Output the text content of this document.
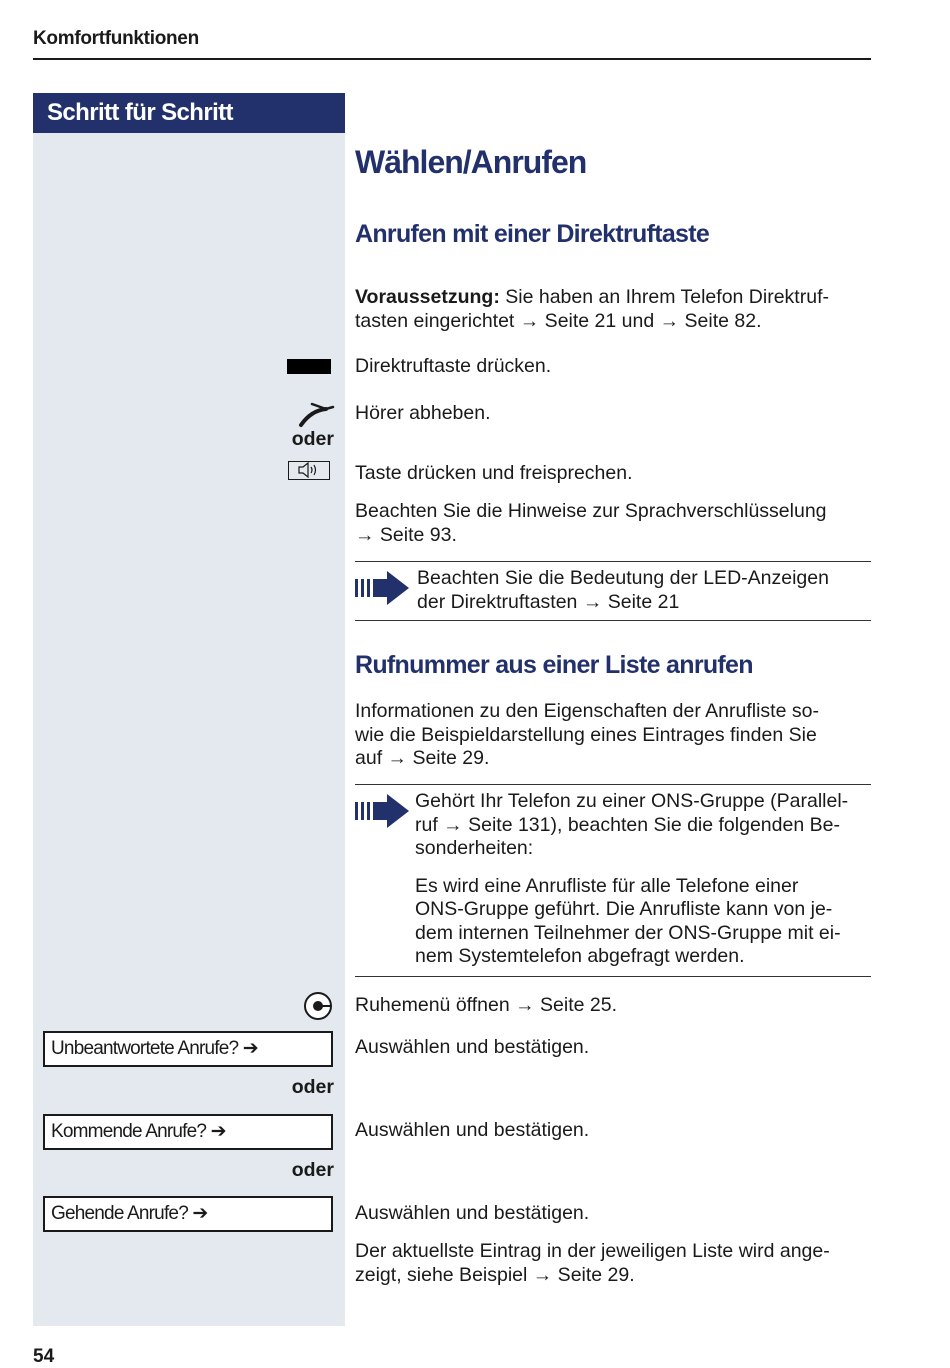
Komfortfunktionen
Schritt für Schritt
Wählen/Anrufen
Anrufen mit einer Direktruftaste
Voraussetzung: Sie haben an Ihrem Telefon Direktruf-
tasten eingerichtet → Seite 21 und → Seite 82.
Direktruftaste drücken.
Hörer abheben.
oder
Taste drücken und freisprechen.
Beachten Sie die Hinweise zur Sprachverschlüsselung
→ Seite 93.
Beachten Sie die Bedeutung der LED-Anzeigen
der Direktruftasten → Seite 21
Rufnummer aus einer Liste anrufen
Informationen zu den Eigenschaften der Anrufliste so-
wie die Beispieldarstellung eines Eintrages finden Sie
auf → Seite 29.
Gehört Ihr Telefon zu einer ONS-Gruppe (Parallel-
ruf → Seite 131), beachten Sie die folgenden Be-
sonderheiten:
Es wird eine Anrufliste für alle Telefone einer
ONS-Gruppe geführt. Die Anrufliste kann von je-
dem internen Teilnehmer der ONS-Gruppe mit ei-
nem Systemtelefon abgefragt werden.
Ruhemenü öffnen → Seite 25.
Unbeantwortete Anrufe? ➔	Auswählen und bestätigen.
oder
Kommende Anrufe? ➔	Auswählen und bestätigen.
oder
Gehende Anrufe? ➔	Auswählen und bestätigen.
Der aktuellste Eintrag in der jeweiligen Liste wird ange-
zeigt, siehe Beispiel → Seite 29.
54
